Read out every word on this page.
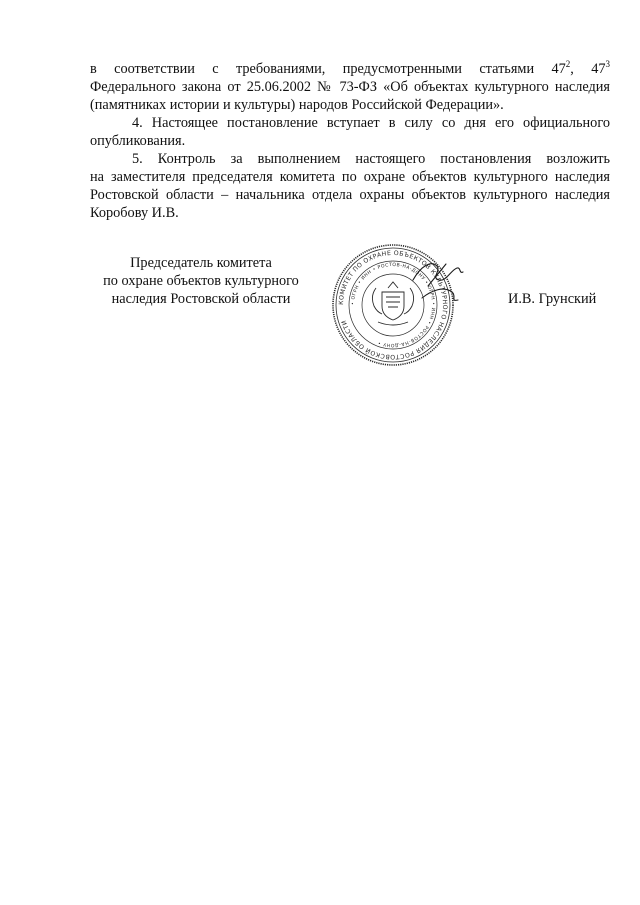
в соответствии с требованиями, предусмотренными статьями $47^2$, $47^3$
Федерального закона от 25.06.2002 № 73-ФЗ «Об объектах культурного наследия
(памятниках истории и культуры) народов Российской Федерации».
4. Настоящее постановление вступает в силу со дня его официального
опубликования.
5. Контроль за выполнением настоящего постановления возложить
на заместителя председателя комитета по охране объектов культурного наследия
Ростовской области – начальника отдела охраны объектов культурного наследия
Коробову И.В.
Председатель комитета
по охране объектов культурного
наследия Ростовской области	КОМИТЕТ ПО ОХРАНЕ ОБЪЕКТОВ КУЛЬТУРНОГО НАСЛЕДИЯ РОСТОВСКОЙ ОБЛАСТИ
• ОГРН • ИНН • РОСТОВ-НА-ДОНУ • ОГРН • ИНН • РОСТОВ-НА-ДОНУ •
И.В. Грунский
